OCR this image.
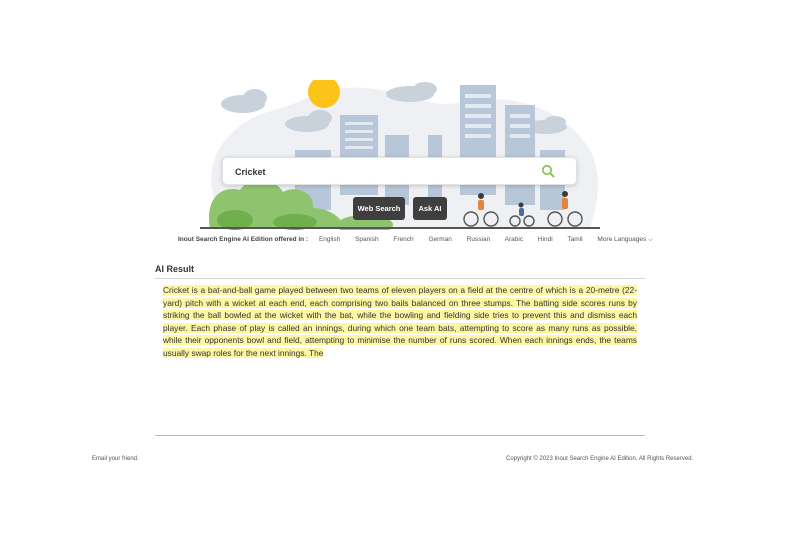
Cricket
Web Search	Ask AI
Inout Search Engine AI Edition offered in : English Spanish French German Russian Arabic Hindi Tamil More Languages ⌵
AI Result
Cricket is a bat-and-ball game played between two teams of eleven players on a field at the centre of which is a 20-metre (22-yard) pitch with a wicket at each end, each comprising two bails balanced on three stumps. The batting side scores runs by striking the ball bowled at the wicket with the bat, while the bowling and fielding side tries to prevent this and dismiss each player. Each phase of play is called an innings, during which one team bats, attempting to score as many runs as possible, while their opponents bowl and field, attempting to minimise the number of runs scored. When each innings ends, the teams usually swap roles for the next innings. The
Email your friend.	Copyright © 2023 Inout Search Engine AI Edition. All Rights Reserved.
